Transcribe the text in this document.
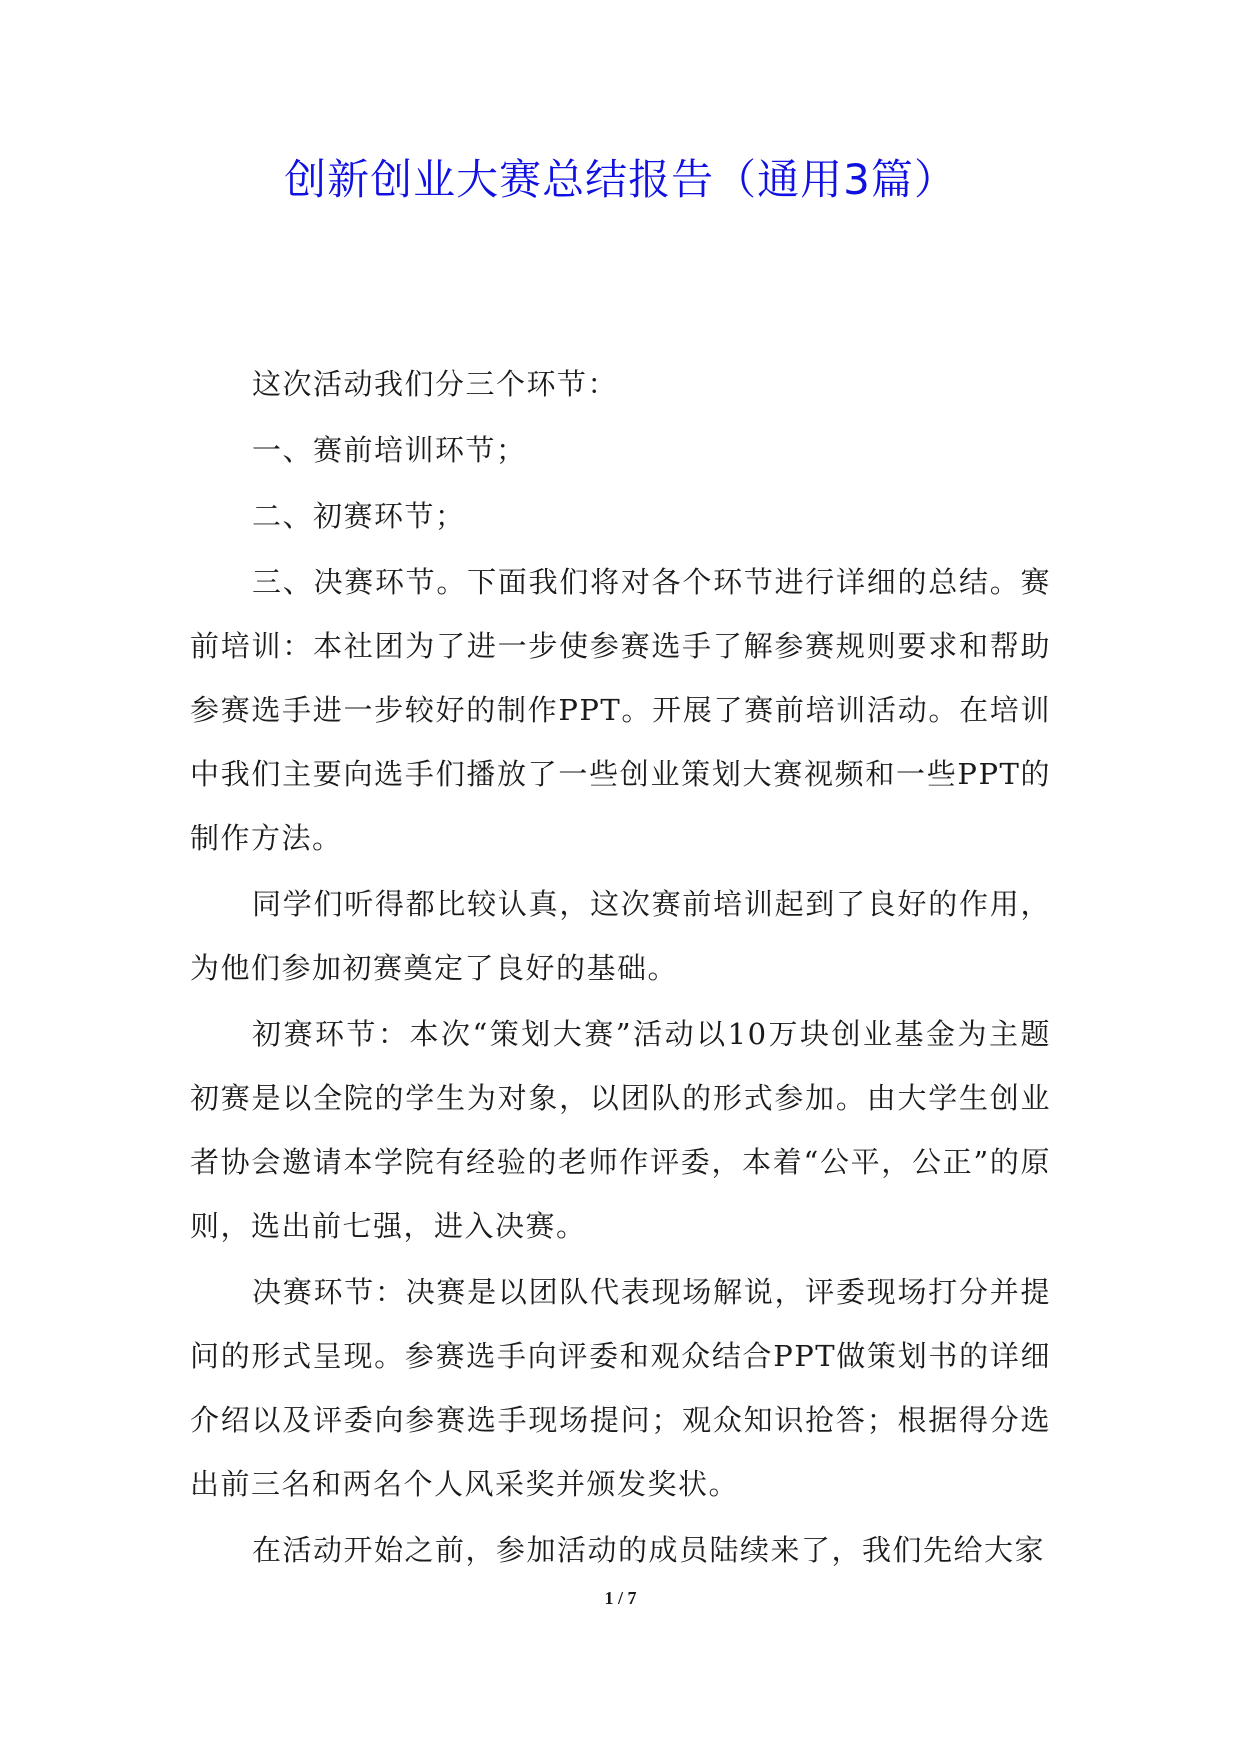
创新创业大赛总结报告（通用3篇）

这次活动我们分三个环节：

一、赛前培训环节；

二、初赛环节；

三、决赛环节。下面我们将对各个环节进行详细的总结。赛前培训：本社团为了进一步使参赛选手了解参赛规则要求和帮助参赛选手进一步较好的制作PPT。开展了赛前培训活动。在培训中我们主要向选手们播放了一些创业策划大赛视频和一些PPT的制作方法。

同学们听得都比较认真，这次赛前培训起到了良好的作用，为他们参加初赛奠定了良好的基础。

初赛环节：本次“策划大赛”活动以10万块创业基金为主题初赛是以全院的学生为对象，以团队的形式参加。由大学生创业者协会邀请本学院有经验的老师作评委，本着“公平，公正”的原则，选出前七强，进入决赛。

决赛环节：决赛是以团队代表现场解说，评委现场打分并提问的形式呈现。参赛选手向评委和观众结合PPT做策划书的详细介绍以及评委向参赛选手现场提问；观众知识抢答；根据得分选出前三名和两名个人风采奖并颁发奖状。

在活动开始之前，参加活动的成员陆续来了，我们先给大家

1 / 7
